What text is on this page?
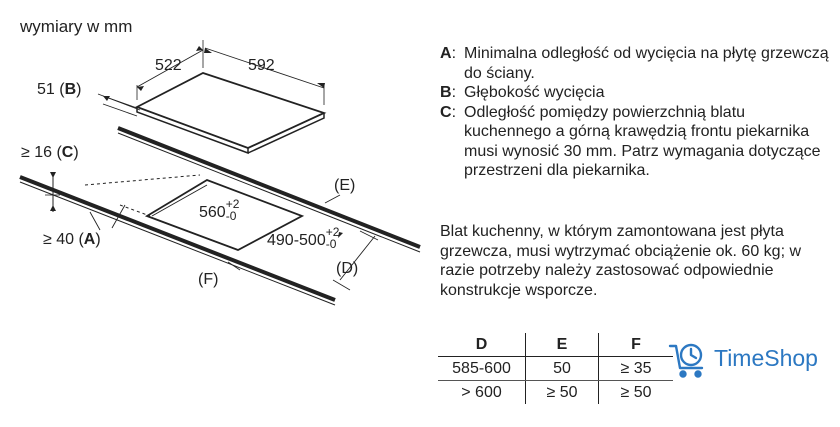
wymiary w mm
522	592
51 (B)
≥ 16 (C)
≥ 40 (A)
560+2
-0
490-500+2
-0
(E)
(D)
(F)
A: Minimalna odległość od wycięcia na płytę grzewczą do ściany.
B: Głębokość wycięcia
C: Odległość pomiędzy powierzchnią blatu kuchennego a górną krawędzią frontu piekarnika musi wynosić 30 mm. Patrz wymagania dotyczące przestrzeni dla piekarnika.
Blat kuchenny, w którym zamontowana jest płyta grzewcza, musi wytrzymać obciążenie ok. 60 kg; w razie potrzeby należy zastosować odpowiednie konstrukcje wsporcze.
D	E	F
585-600	50	≥ 35
> 600	≥ 50	≥ 50
TimeShop
